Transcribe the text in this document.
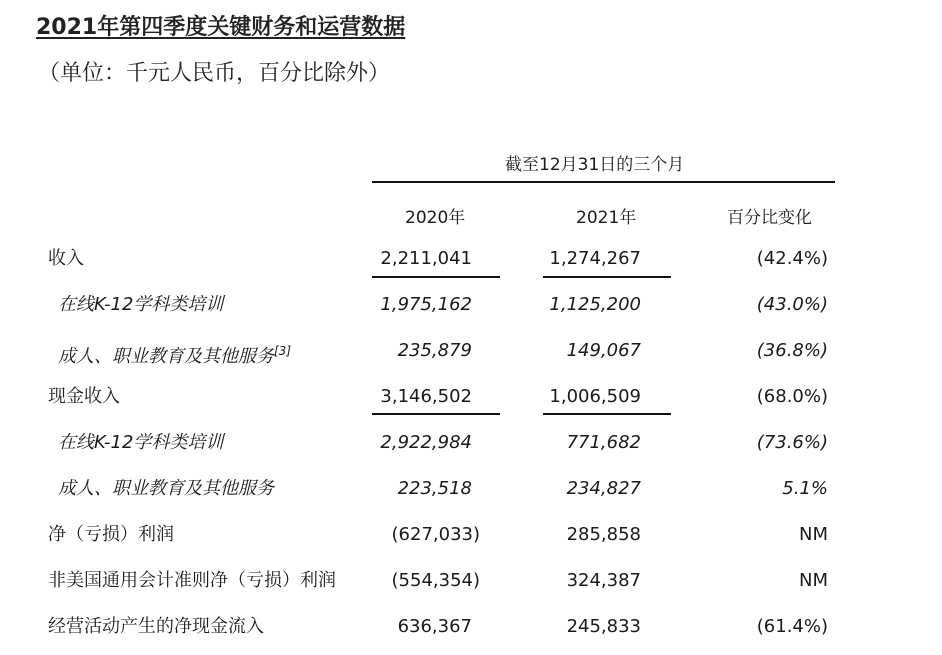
2021年第四季度关键财务和运营数据
（单位：千元人民币，百分比除外）
截至12月31日的三个月
2020年	2021年	百分比变化
收入	2,211,041	1,274,267	(42.4%)
在线K-12学科类培训	1,975,162	1,125,200	(43.0%)
成人、职业教育及其他服务[3]	235,879	149,067	(36.8%)
现金收入	3,146,502	1,006,509	(68.0%)
在线K-12学科类培训	2,922,984	771,682	(73.6%)
成人、职业教育及其他服务	223,518	234,827	5.1%
净（亏损）利润	(627,033)	285,858	NM
非美国通用会计准则净（亏损）利润	(554,354)	324,387	NM
经营活动产生的净现金流入	636,367	245,833	(61.4%)
